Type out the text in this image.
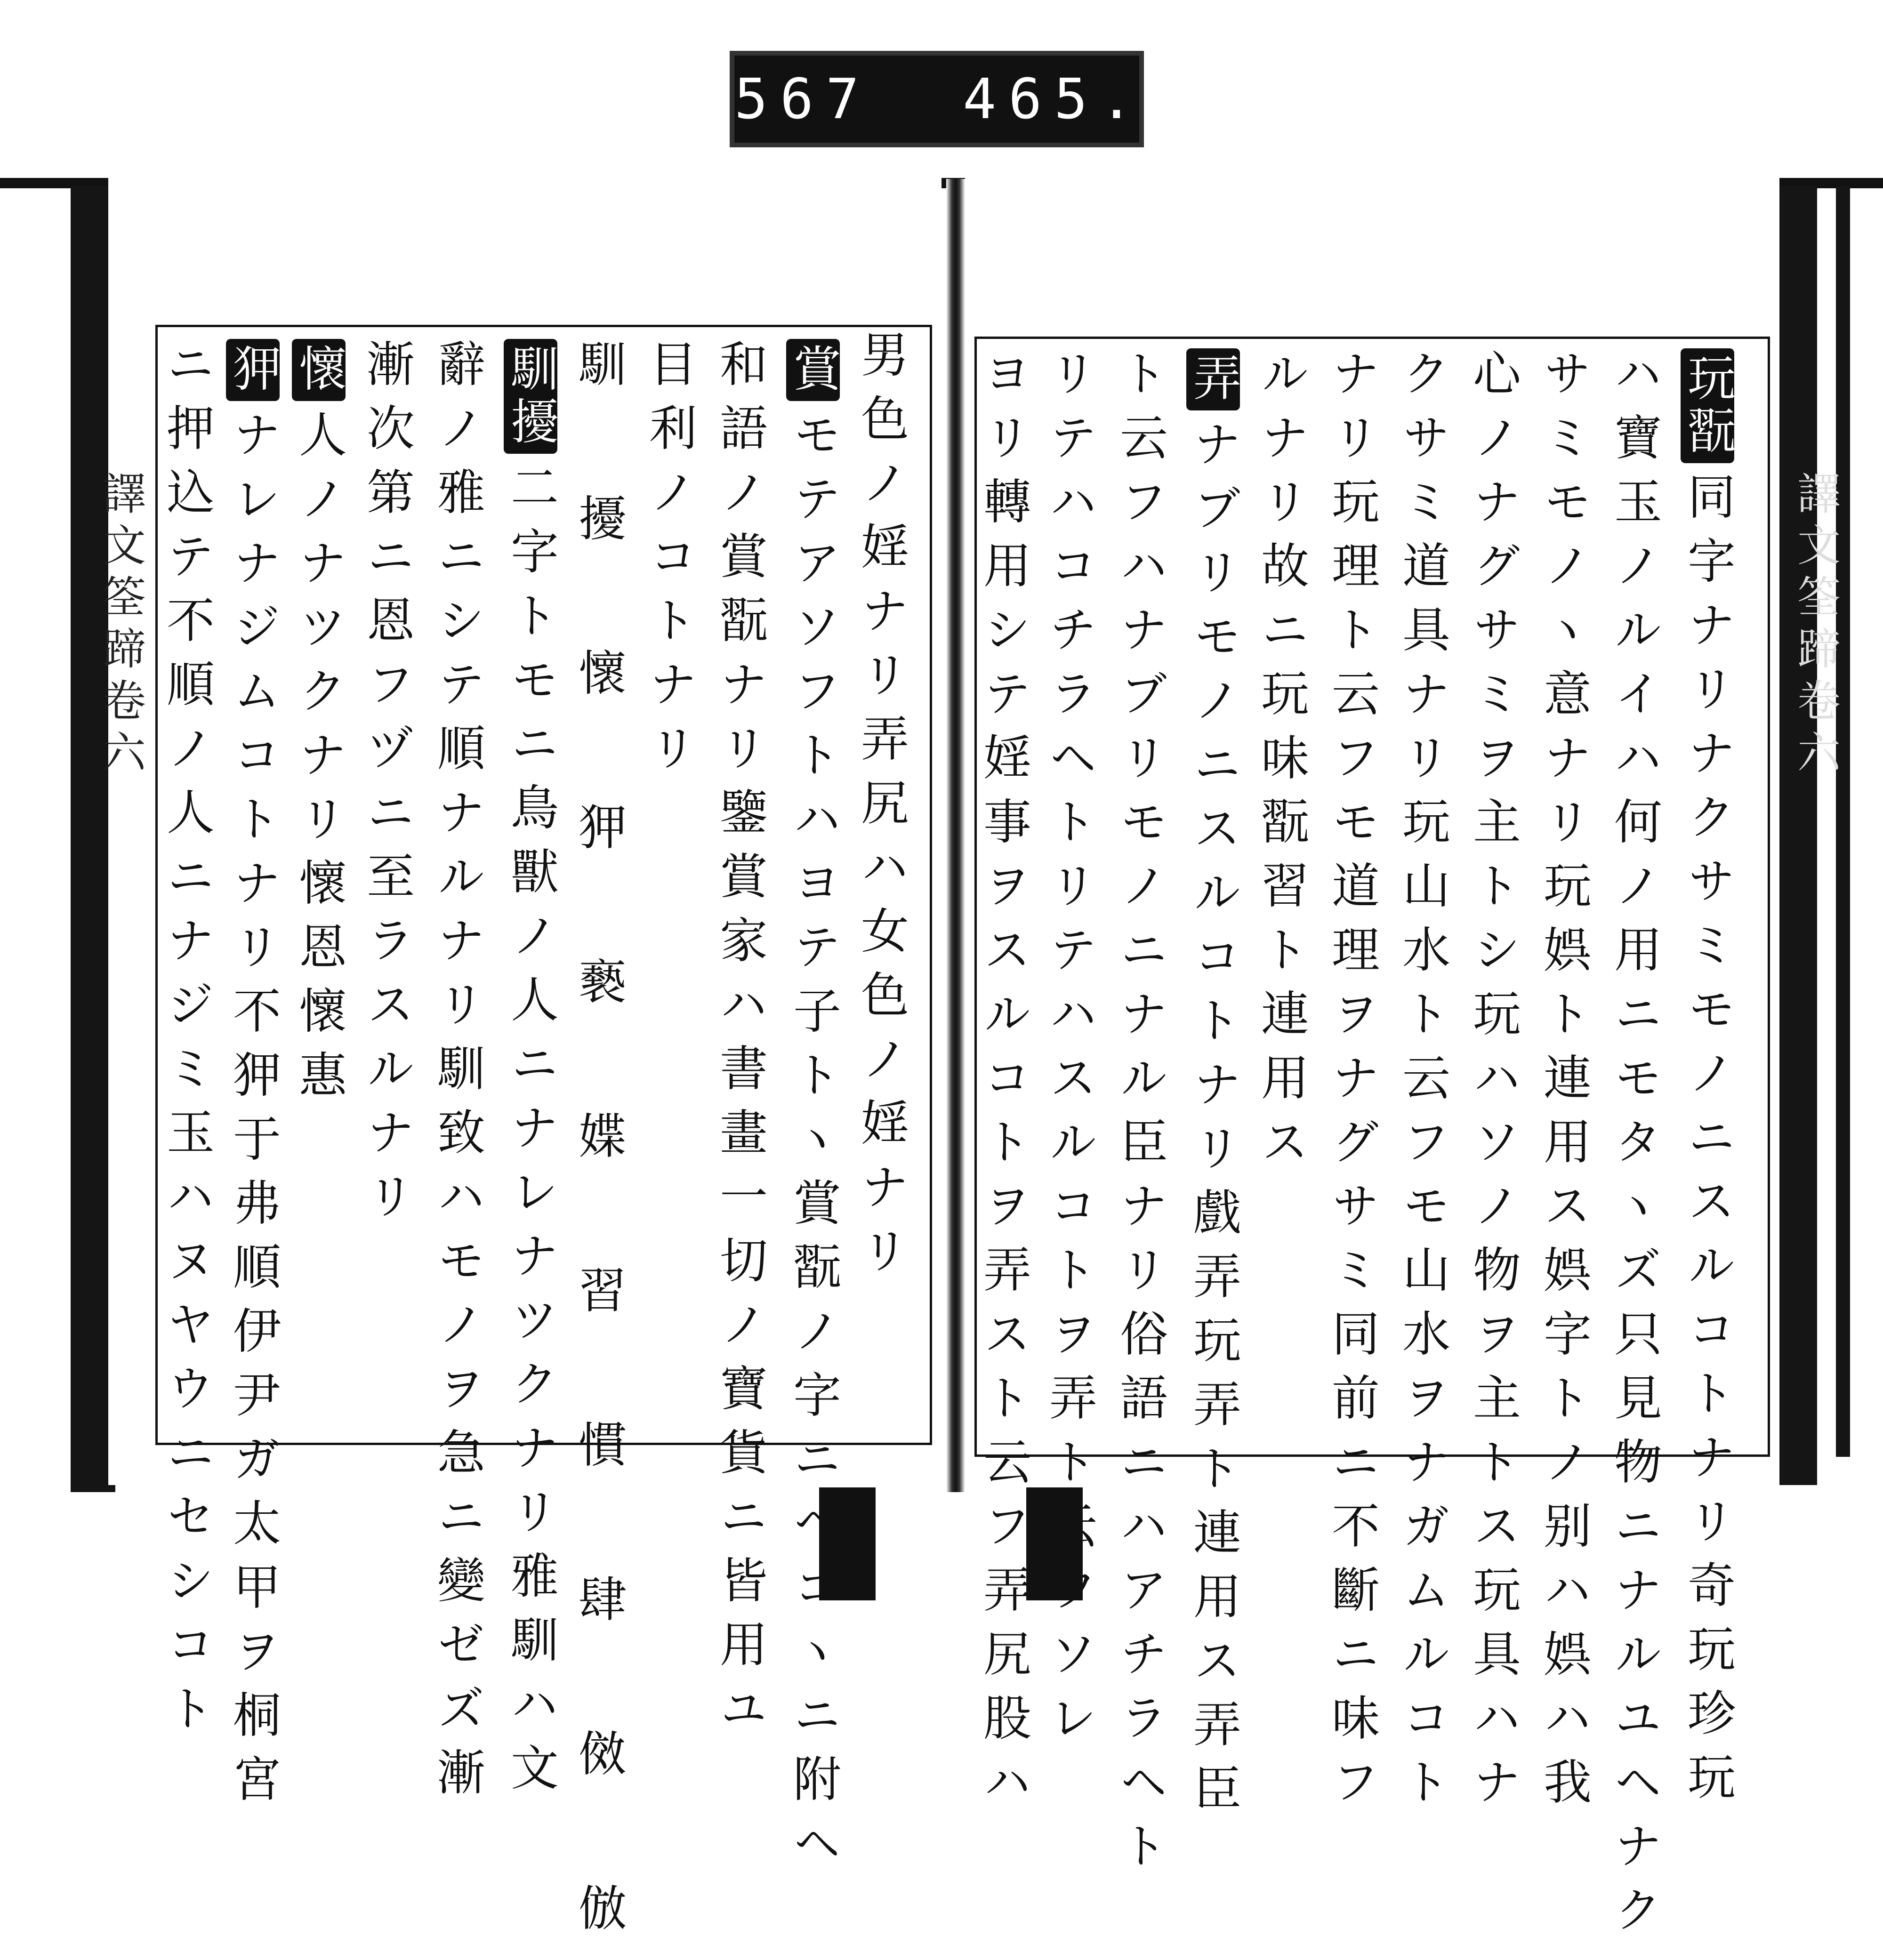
567  465.
譯文筌蹄卷六	譯文筌蹄卷六
玩翫同字ナリナクサミモノニスルコトナリ奇玩珍玩
ハ寶玉ノルイハ何ノ用ニモタヽズ只見物ニナルユヘナク
サミモノヽ意ナリ玩娯ト連用ス娯字トノ别ハ娯ハ我
心ノナグサミヲ主トシ玩ハソノ物ヲ主トス玩具ハナ
クサミ道具ナリ玩山水ト云フモ山水ヲナガムルコト
ナリ玩理ト云フモ道理ヲナグサミ同前ニ不斷ニ味フ
ルナリ故ニ玩味翫習ト連用ス
弄ナブリモノニスルコトナリ戲弄玩弄ト連用ス弄臣
ト云フハナブリモノニナル臣ナリ俗語ニハアチラヘト
リテハコチラヘトリテハスルコトヲ弄ト云フソレ
ヨリ轉用シテ婬事ヲスルコトヲ弄スト云フ弄尻股ハ
男色ノ婬ナリ弄尻ハ女色ノ婬ナリ
賞モテアソフトハヨテ子トヽ賞翫ノ字ニヘコヽニ附ヘ
和語ノ賞翫ナリ鑒賞家ハ書畫一切ノ寶貨ニ皆用ユ
目利ノコトナリ
馴　擾　懷　狎　褻　媟　習　慣　肆　傚　倣
馴擾二字トモニ鳥獸ノ人ニナレナツクナリ雅馴ハ文
辭ノ雅ニシテ順ナルナリ馴致ハモノヲ急ニ變ゼズ漸
漸次第ニ恩フヅニ至ラスルナリ
懷人ノナツクナリ懷恩懷惠
狎ナレナジムコトナリ不狎于弗順伊尹ガ太甲ヲ桐宮
ニ押込テ不順ノ人ニナジミ玉ハヌヤウニセシコト
